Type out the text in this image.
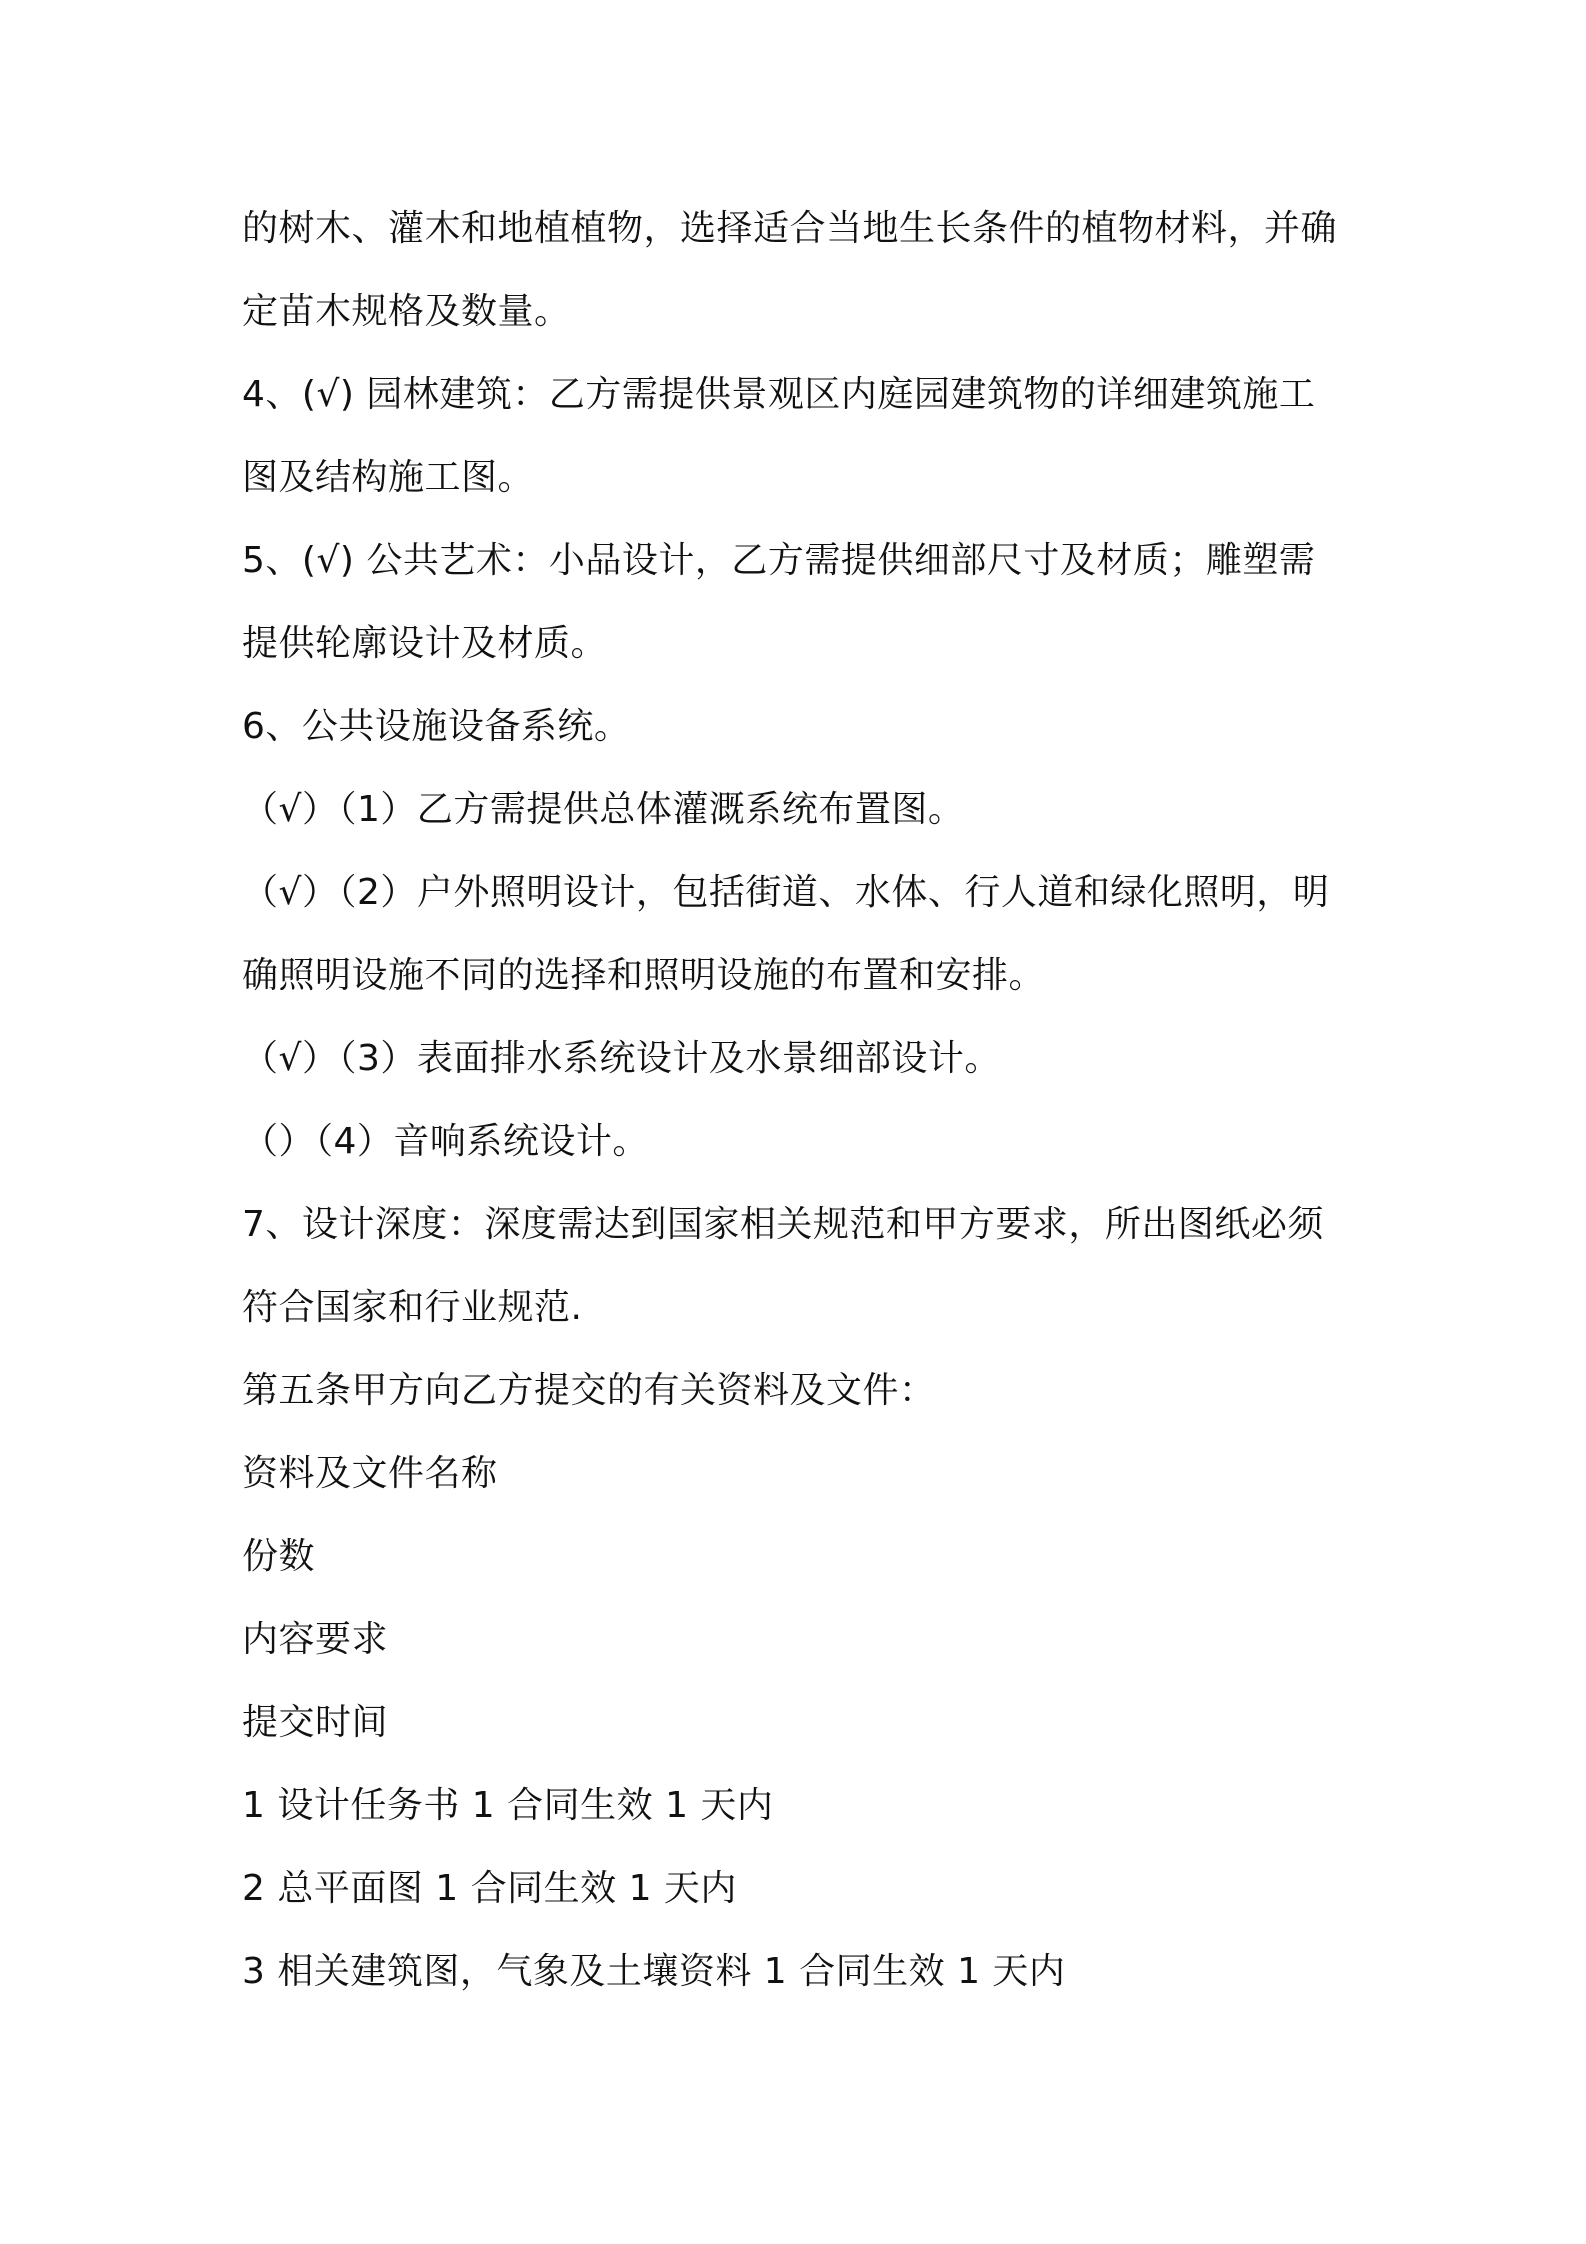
的树木、灌木和地植植物，选择适合当地生长条件的植物材料，并确
定苗木规格及数量。
4、(√) 园林建筑：乙方需提供景观区内庭园建筑物的详细建筑施工
图及结构施工图。
5、(√) 公共艺术：小品设计，乙方需提供细部尺寸及材质；雕塑需
提供轮廓设计及材质。
6、公共设施设备系统。
（√）（1）乙方需提供总体灌溉系统布置图。
（√）（2）户外照明设计，包括街道、水体、行人道和绿化照明，明
确照明设施不同的选择和照明设施的布置和安排。
（√）（3）表面排水系统设计及水景细部设计。
（）（4）音响系统设计。
7、设计深度：深度需达到国家相关规范和甲方要求，所出图纸必须
符合国家和行业规范.
第五条甲方向乙方提交的有关资料及文件：
资料及文件名称
份数
内容要求
提交时间
1 设计任务书 1 合同生效 1 天内
2 总平面图 1 合同生效 1 天内
3 相关建筑图，气象及土壤资料 1 合同生效 1 天内
